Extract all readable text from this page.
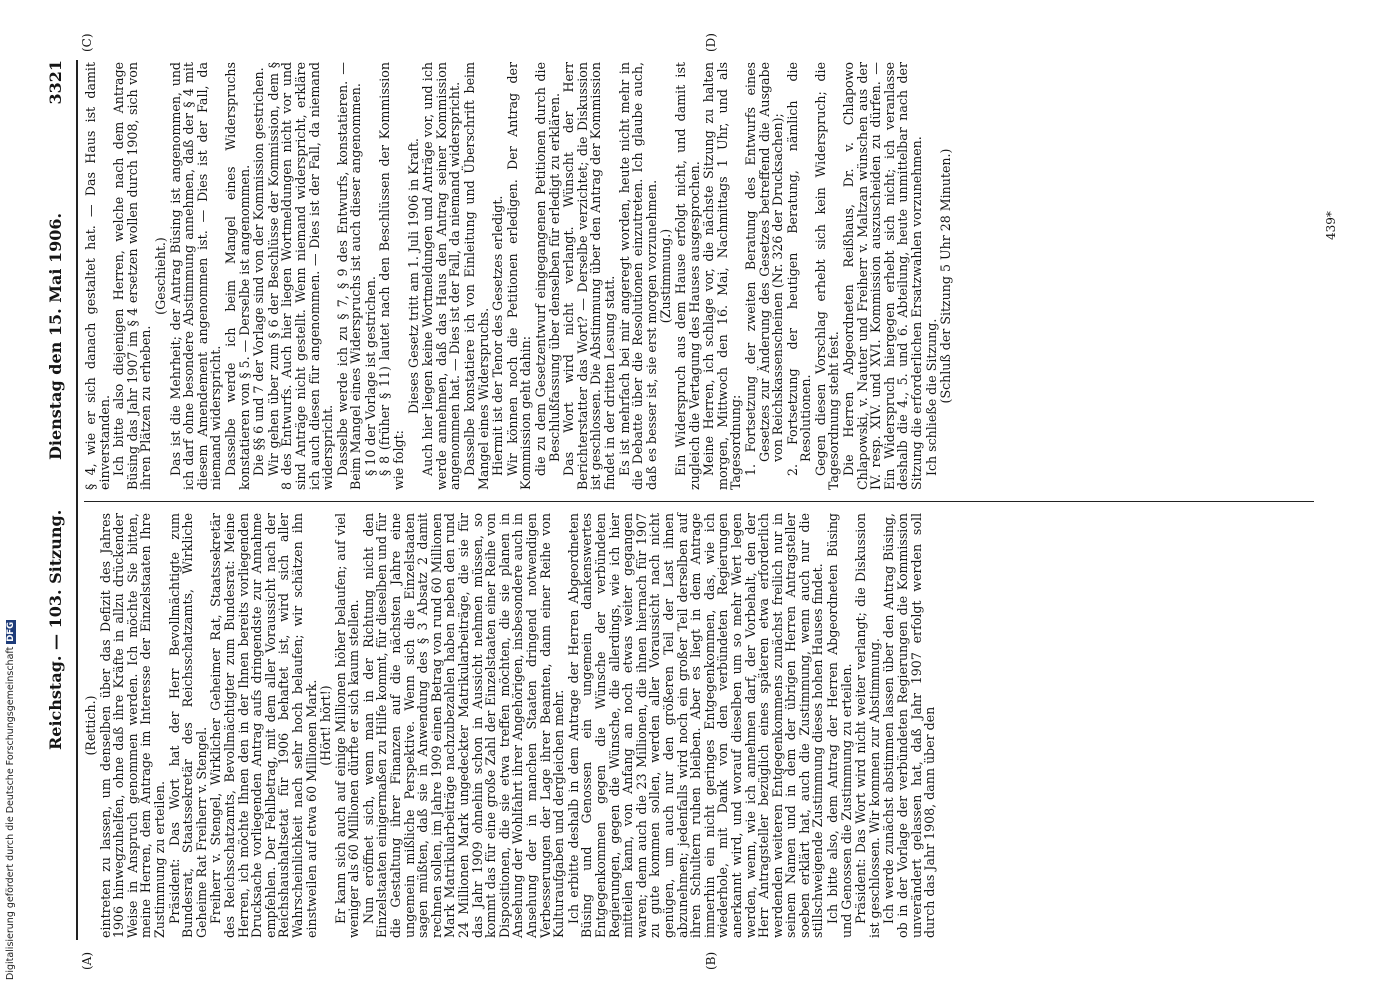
Digitalisierung gefördert durch die Deutsche ForschungsgemeinschaftDFG Reichstag. — 103. Sitzung.
Dienstag den 15. Mai 1906.
3321
(A)	(B)
(C)	(D)

(Rettich.) eintreten zu lassen, um denselben über das Defizit des Jahres 1906 hinwegzuhelfen, ohne daß ihre Kräfte in allzu drückender Weise in Anspruch genommen werden. Ich möchte Sie bitten, meine Herren, dem Antrage im Interesse der Einzelstaaten Ihre Zustimmung zu erteilen. Präsident: Das Wort hat der Herr Bevollmächtigte zum Bundesrat, Staatssekretär des Reichsschatzamts, Wirkliche Geheime Rat Freiherr v. Stengel. Freiherr v. Stengel, Wirklicher Geheimer Rat, Staatssekretär des Reichsschatzamts, Bevollmächtigter zum Bundesrat: Meine Herren, ich möchte Ihnen den in der Ihnen bereits vorliegenden Drucksache vorliegenden Antrag aufs dringendste zur Annahme empfehlen. Der Fehlbetrag, mit dem aller Voraussicht nach der Reichshaushaltsetat für 1906 behaftet ist, wird sich aller Wahrscheinlichkeit nach sehr hoch belaufen; wir schätzen ihn einstweilen auf etwa 60 Millionen Mark. (Hört! hört!) Er kann sich auch auf einige Millionen höher belaufen; auf viel weniger als 60 Millionen dürfte er sich kaum stellen. Nun eröffnet sich, wenn man in der Richtung nicht den Einzelstaaten einigermaßen zu Hilfe kommt, für dieselben und für die Gestaltung ihrer Finanzen auf die nächsten Jahre eine ungemein mißliche Perspektive. Wenn sich die Einzelstaaten sagen müßten, daß sie in Anwendung des § 3 Absatz 2 damit rechnen sollen, im Jahre 1909 einen Betrag von rund 60 Millionen Mark Matrikularbeiträge nachzubezahlen haben neben den rund 24 Millionen Mark ungedeckter Matrikularbeiträge, die sie für das Jahr 1909 ohnehin schon in Aussicht nehmen müssen, so kommt das für eine große Zahl der Einzelstaaten einer Reihe von Dispositionen, die sie etwa treffen möchten, die sie planen in Ansehung der Wohlfahrt ihrer Angehörigen, insbesondere auch in Ansehung der in manchen Staaten dringend notwendigen Verbesserungen der Lage ihrer Beamten, dann einer Reihe von Kulturaufgaben und dergleichen mehr. Ich erbitte deshalb in dem Antrage der Herren Abgeordneten Büsing und Genossen ein ungemein dankenswertes Entgegenkommen gegen die Wünsche der verbündeten Regierungen, gegen die Wünsche, die allerdings, wie ich hier mitteilen kann, von Anfang an noch etwas weiter gegangen waren; denn auch die 23 Millionen, die ihnen hiernach für 1907 zu gute kommen sollen, werden aller Voraussicht nach nicht genügen, um auch nur den größeren Teil der Last ihnen abzunehmen; jedenfalls wird noch ein großer Teil derselben auf ihren Schultern ruhen bleiben. Aber es liegt in dem Antrage immerhin ein nicht geringes Entgegenkommen, das, wie ich wiederhole, mit Dank von den verbündeten Regierungen anerkannt wird, und worauf dieselben um so mehr Wert legen werden, wenn, wie ich annehmen darf, der Vorbehalt, den der Herr Antragsteller bezüglich eines späteren etwa erforderlich werdenden weiteren Entgegenkommens zunächst freilich nur in seinem Namen und in dem der übrigen Herren Antragsteller soeben erklärt hat, auch die Zustimmung, wenn auch nur die stillschweigende Zustimmung dieses hohen Hauses findet. Ich bitte also, dem Antrag der Herren Abgeordneten Büsing und Genossen die Zustimmung zu erteilen. Präsident: Das Wort wird nicht weiter verlangt; die Diskussion ist geschlossen. Wir kommen zur Abstimmung. Ich werde zunächst abstimmen lassen über den Antrag Büsing, ob in der Vorlage der verbündeten Regierungen die Kommission unverändert gelassen hat, daß Jahr 1907 erfolgt werden soll durch das Jahr 1908, dann über den

§ 4, wie er sich danach gestaltet hat. — Das Haus ist damit einverstanden. Ich bitte also diejenigen Herren, welche nach dem Antrage Büsing das Jahr 1907 im § 4 ersetzen wollen durch 1908, sich von ihren Plätzen zu erheben.

(Geschieht.) Das ist die Mehrheit; der Antrag Büsing ist angenommen, und ich darf ohne besondere Abstimmung annehmen, daß der § 4 mit diesem Amendement angenommen ist. — Dies ist der Fall, da niemand widerspricht. Dasselbe werde ich beim Mangel eines Widerspruchs konstatieren von § 5. — Derselbe ist angenommen. Die §§ 6 und 7 der Vorlage sind von der Kommission gestrichen. Wir gehen über zum § 6 der Beschlüsse der Kommission, dem § 8 des Entwurfs. Auch hier liegen Wortmeldungen nicht vor und sind Anträge nicht gestellt. Wenn niemand widerspricht, erkläre ich auch diesen für angenommen. — Dies ist der Fall, da niemand widerspricht. Dasselbe werde ich zu § 7, § 9 des Entwurfs, konstatieren. — Beim Mangel eines Widerspruchs ist auch dieser angenommen. § 10 der Vorlage ist gestrichen. § 8 (früher § 11) lautet nach den Beschlüssen der Kommission wie folgt:

Dieses Gesetz tritt am 1. Juli 1906 in Kraft. Auch hier liegen keine Wortmeldungen und Anträge vor, und ich werde annehmen, daß das Haus den Antrag seiner Kommission angenommen hat. — Dies ist der Fall, da niemand widerspricht. Dasselbe konstatiere ich von Einleitung und Überschrift beim Mangel eines Widerspruchs. Hiermit ist der Tenor des Gesetzes erledigt. Wir können noch die Petitionen erledigen. Der Antrag der Kommission geht dahin: die zu dem Gesetzentwurf eingegangenen Petitionen durch die Beschlußfassung über denselben für erledigt zu erklären. Das Wort wird nicht verlangt. Wünscht der Herr Berichterstatter das Wort? — Derselbe verzichtet; die Diskussion ist geschlossen. Die Abstimmung über den Antrag der Kommission findet in der dritten Lesung statt. Es ist mehrfach bei mir angeregt worden, heute nicht mehr in die Debatte über die Resolutionen einzutreten. Ich glaube auch, daß es besser ist, sie erst morgen vorzunehmen. (Zustimmung.) Ein Widerspruch aus dem Hause erfolgt nicht, und damit ist zugleich die Vertagung des Hauses ausgesprochen. Meine Herren, ich schlage vor, die nächste Sitzung zu halten morgen, Mittwoch den 16. Mai, Nachmittags 1 Uhr, und als Tagesordnung: 1. Fortsetzung der zweiten Beratung des Entwurfs eines Gesetzes zur Änderung des Gesetzes betreffend die Ausgabe von Reichskassenscheinen (Nr. 326 der Drucksachen); 2. Fortsetzung der heutigen Beratung, nämlich die Resolutionen. Gegen diesen Vorschlag erhebt sich kein Widerspruch; die Tagesordnung steht fest. Die Herren Abgeordneten Reißhaus, Dr. v. Chlapowo Chlapowski, v. Nauter und Freiherr v. Maltzan wünschen aus der IV. resp. XIV. und XVI. Kommission auszuscheiden zu dürfen. — Ein Widerspruch hiergegen erhebt sich nicht; ich veranlasse deshalb die 4., 5. und 6. Abteilung, heute unmittelbar nach der Sitzung die erforderlichen Ersatzwahlen vorzunehmen. Ich schließe die Sitzung. (Schluß der Sitzung 5 Uhr 28 Minuten.)	439*
